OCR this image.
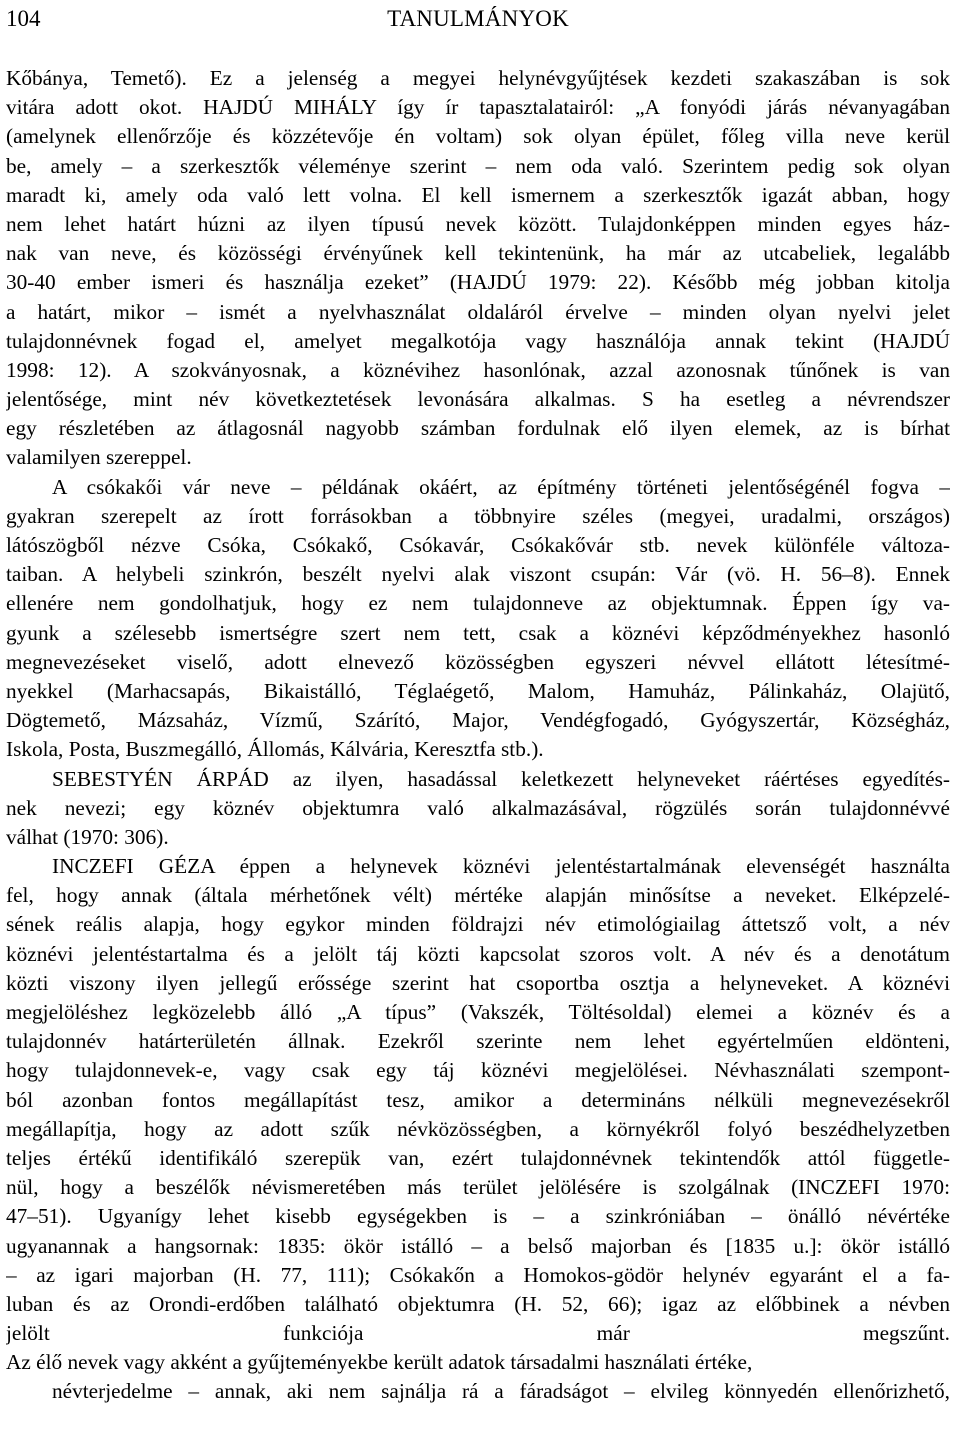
TANULMÁNYOK
104
Kőbánya, Temető). Ez a jelenség a megyei helynévgyűjtések kezdeti szakaszában is sok
vitára adott okot. HAJDÚ MIHÁLY így ír tapasztalatairól: „A fonyódi járás névanyagában
(amelynek ellenőrzője és közzétevője én voltam) sok olyan épület, főleg villa neve kerül
be, amely – a szerkesztők véleménye szerint – nem oda való. Szerintem pedig sok olyan
maradt ki, amely oda való lett volna. El kell ismernem a szerkesztők igazát abban, hogy
nem lehet határt húzni az ilyen típusú nevek között. Tulajdonképpen minden egyes ház-
nak van neve, és közösségi érvényűnek kell tekintenünk, ha már az utcabeliek, legalább
30-40 ember ismeri és használja ezeket” (HAJDÚ 1979: 22). Később még jobban kitolja
a határt, mikor – ismét a nyelvhasználat oldaláról érvelve – minden olyan nyelvi jelet
tulajdonnévnek fogad el, amelyet megalkotója vagy használója annak tekint (HAJDÚ
1998: 12). A szokványosnak, a köznévihez hasonlónak, azzal azonosnak tűnőnek is van
jelentősége, mint név következtetések levonására alkalmas. S ha esetleg a névrendszer
egy részletében az átlagosnál nagyobb számban fordulnak elő ilyen elemek, az is bírhat
valamilyen szereppel.
A csókakői vár neve – példának okáért, az építmény történeti jelentőségénél fogva –
gyakran szerepelt az írott forrásokban a többnyire széles (megyei, uradalmi, országos)
látószögből nézve Csóka, Csókakő, Csókavár, Csókakővár stb. nevek különféle változa-
taiban. A helybeli szinkrón, beszélt nyelvi alak viszont csupán: Vár (vö. H. 56–8). Ennek
ellenére nem gondolhatjuk, hogy ez nem tulajdonneve az objektumnak. Éppen így va-
gyunk a szélesebb ismertségre szert nem tett, csak a köznévi képződményekhez hasonló
megnevezéseket viselő, adott elnevező közösségben egyszeri névvel ellátott létesítmé-
nyekkel (Marhacsapás, Bikaistálló, Téglaégető, Malom, Hamuház, Pálinkaház, Olajütő,
Dögtemető, Mázsaház, Vízmű, Szárító, Major, Vendégfogadó, Gyógyszertár, Községház,
Iskola, Posta, Buszmegálló, Állomás, Kálvária, Keresztfa stb.).
SEBESTYÉN ÁRPÁD az ilyen, hasadással keletkezett helyneveket ráértéses egyedítés-
nek nevezi; egy köznév objektumra való alkalmazásával, rögzülés során tulajdonnévvé
válhat (1970: 306).
INCZEFI GÉZA éppen a helynevek köznévi jelentéstartalmának elevenségét használta
fel, hogy annak (általa mérhetőnek vélt) mértéke alapján minősítse a neveket. Elképzelé-
sének reális alapja, hogy egykor minden földrajzi név etimológiailag áttetsző volt, a név
köznévi jelentéstartalma és a jelölt táj közti kapcsolat szoros volt. A név és a denotátum
közti viszony ilyen jellegű erőssége szerint hat csoportba osztja a helyneveket. A köznévi
megjelöléshez legközelebb álló „A típus” (Vakszék, Töltésoldal) elemei a köznév és a
tulajdonnév határterületén állnak. Ezekről szerinte nem lehet egyértelműen eldönteni,
hogy tulajdonnevek-e, vagy csak egy táj köznévi megjelölései. Névhasználati szempont-
ból azonban fontos megállapítást tesz, amikor a determináns nélküli megnevezésekről
megállapítja, hogy az adott szűk névközösségben, a környékről folyó beszédhelyzetben
teljes értékű identifikáló szerepük van, ezért tulajdonnévnek tekintendők attól függetle-
nül, hogy a beszélők névismeretében más terület jelölésére is szolgálnak (INCZEFI 1970:
47–51). Ugyanígy lehet kisebb egységekben is – a szinkróniában – önálló névértéke
ugyanannak a hangsornak: 1835: ökör istálló – a belső majorban és [1835 u.]: ökör istálló
– az igari majorban (H. 77, 111); Csókakőn a Homokos-gödör helynév egyaránt el a fa-
luban és az Orondi-erdőben található objektumra (H. 52, 66); igaz az előbbinek a névben
jelölt funkciója már megszűnt.
Az élő nevek vagy akként a gyűjteményekbe került adatok társadalmi használati értéke,
névterjedelme – annak, aki nem sajnálja rá a fáradságot – elvileg könnyedén ellenőrizhető,
